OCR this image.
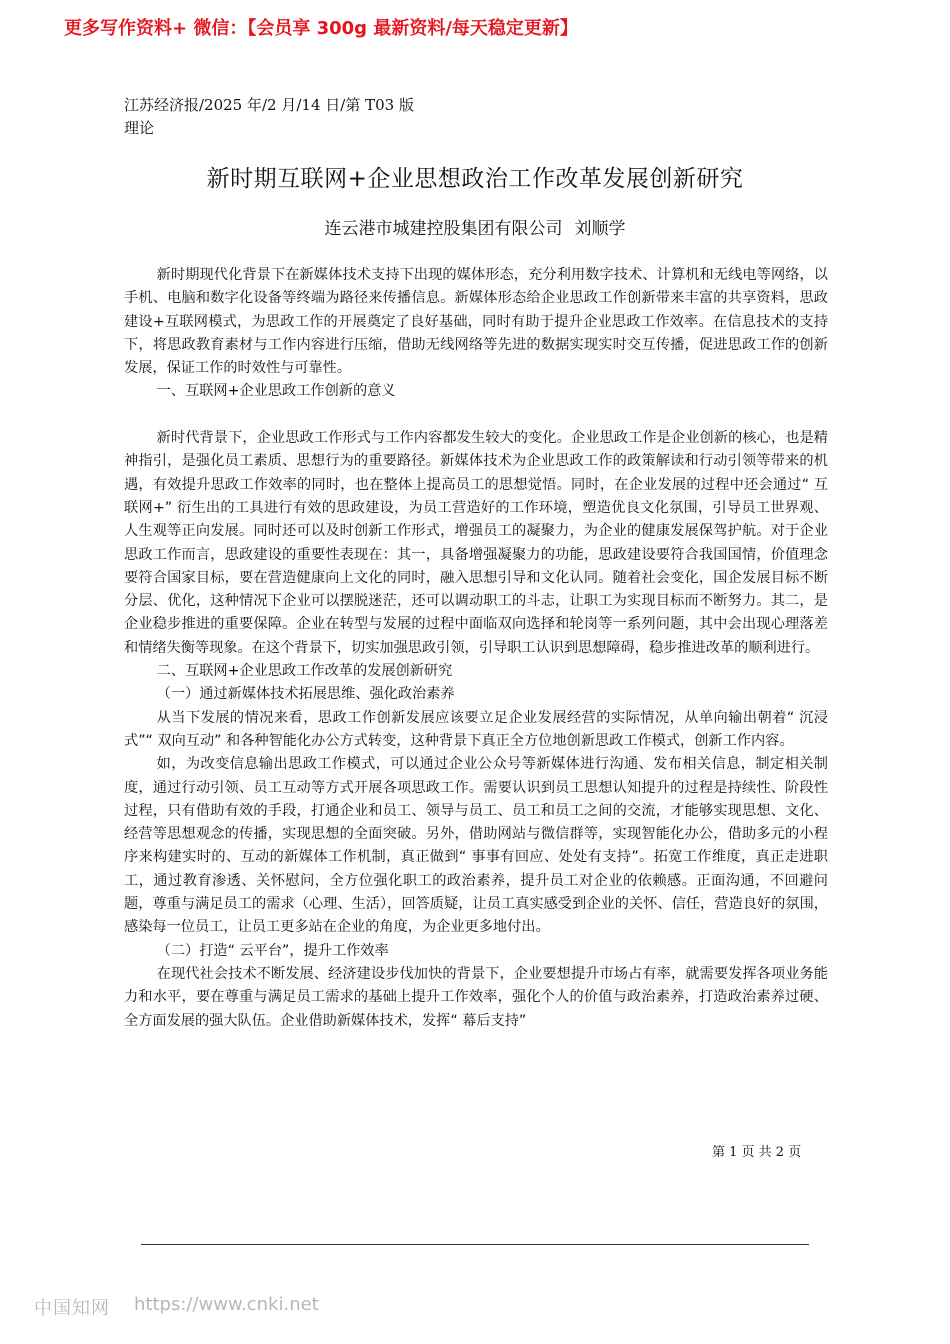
更多写作资料+ 微信：【会员享 300g 最新资料/每天稳定更新】
江苏经济报/2025 年/2 月/14 日/第 T03 版理论
新时期互联网+企业思想政治工作改革发展创新研究
连云港市城建控股集团有限公司 刘顺学

新时期现代化背景下在新媒体技术支持下出现的媒体形态，充分利用数字技术、计算机和无线电等网络，以手机、电脑和数字化设备等终端为路径来传播信息。新媒体形态给企业思政工作创新带来丰富的共享资料，思政建设+互联网模式，为思政工作的开展奠定了良好基础，同时有助于提升企业思政工作效率。在信息技术的支持下，将思政教育素材与工作内容进行压缩，借助无线网络等先进的数据实现实时交互传播，促进思政工作的创新发展，保证工作的时效性与可靠性。

一、互联网+企业思政工作创新的意义

新时代背景下，企业思政工作形式与工作内容都发生较大的变化。企业思政工作是企业创新的核心，也是精神指引，是强化员工素质、思想行为的重要路径。新媒体技术为企业思政工作的政策解读和行动引领等带来的机遇，有效提升思政工作效率的同时，也在整体上提高员工的思想觉悟。同时，在企业发展的过程中还会通过“ 互联网+” 衍生出的工具进行有效的思政建设，为员工营造好的工作环境，塑造优良文化氛围，引导员工世界观、人生观等正向发展。同时还可以及时创新工作形式，增强员工的凝聚力，为企业的健康发展保驾护航。对于企业思政工作而言，思政建设的重要性表现在：其一，具备增强凝聚力的功能，思政建设要符合我国国情，价值理念要符合国家目标，要在营造健康向上文化的同时，融入思想引导和文化认同。随着社会变化，国企发展目标不断分层、优化，这种情况下企业可以摆脱迷茫，还可以调动职工的斗志，让职工为实现目标而不断努力。其二，是企业稳步推进的重要保障。企业在转型与发展的过程中面临双向选择和轮岗等一系列问题，其中会出现心理落差和情绪失衡等现象。在这个背景下，切实加强思政引领，引导职工认识到思想障碍，稳步推进改革的顺利进行。

二、互联网+企业思政工作改革的发展创新研究

（一）通过新媒体技术拓展思维、强化政治素养

从当下发展的情况来看，思政工作创新发展应该要立足企业发展经营的实际情况，从单向输出朝着“ 沉浸式”“ 双向互动” 和各种智能化办公方式转变，这种背景下真正全方位地创新思政工作模式，创新工作内容。

如，为改变信息输出思政工作模式，可以通过企业公众号等新媒体进行沟通、发布相关信息，制定相关制度，通过行动引领、员工互动等方式开展各项思政工作。需要认识到员工思想认知提升的过程是持续性、阶段性过程，只有借助有效的手段，打通企业和员工、领导与员工、员工和员工之间的交流，才能够实现思想、文化、经营等思想观念的传播，实现思想的全面突破。另外，借助网站与微信群等，实现智能化办公，借助多元的小程序来构建实时的、互动的新媒体工作机制，真正做到“ 事事有回应、处处有支持”。拓宽工作维度，真正走进职工，通过教育渗透、关怀慰问，全方位强化职工的政治素养，提升员工对企业的依赖感。正面沟通，不回避问题，尊重与满足员工的需求（心理、生活），回答质疑，让员工真实感受到企业的关怀、信任，营造良好的氛围，感染每一位员工，让员工更多站在企业的角度，为企业更多地付出。

（二）打造“ 云平台”，提升工作效率

在现代社会技术不断发展、经济建设步伐加快的背景下，企业要想提升市场占有率，就需要发挥各项业务能力和水平，要在尊重与满足员工需求的基础上提升工作效率，强化个人的价值与政治素养，打造政治素养过硬、全方面发展的强大队伍。企业借助新媒体技术，发挥“ 幕后支持”

第 1 页 共 2 页
中国知网 https://www.cnki.net
